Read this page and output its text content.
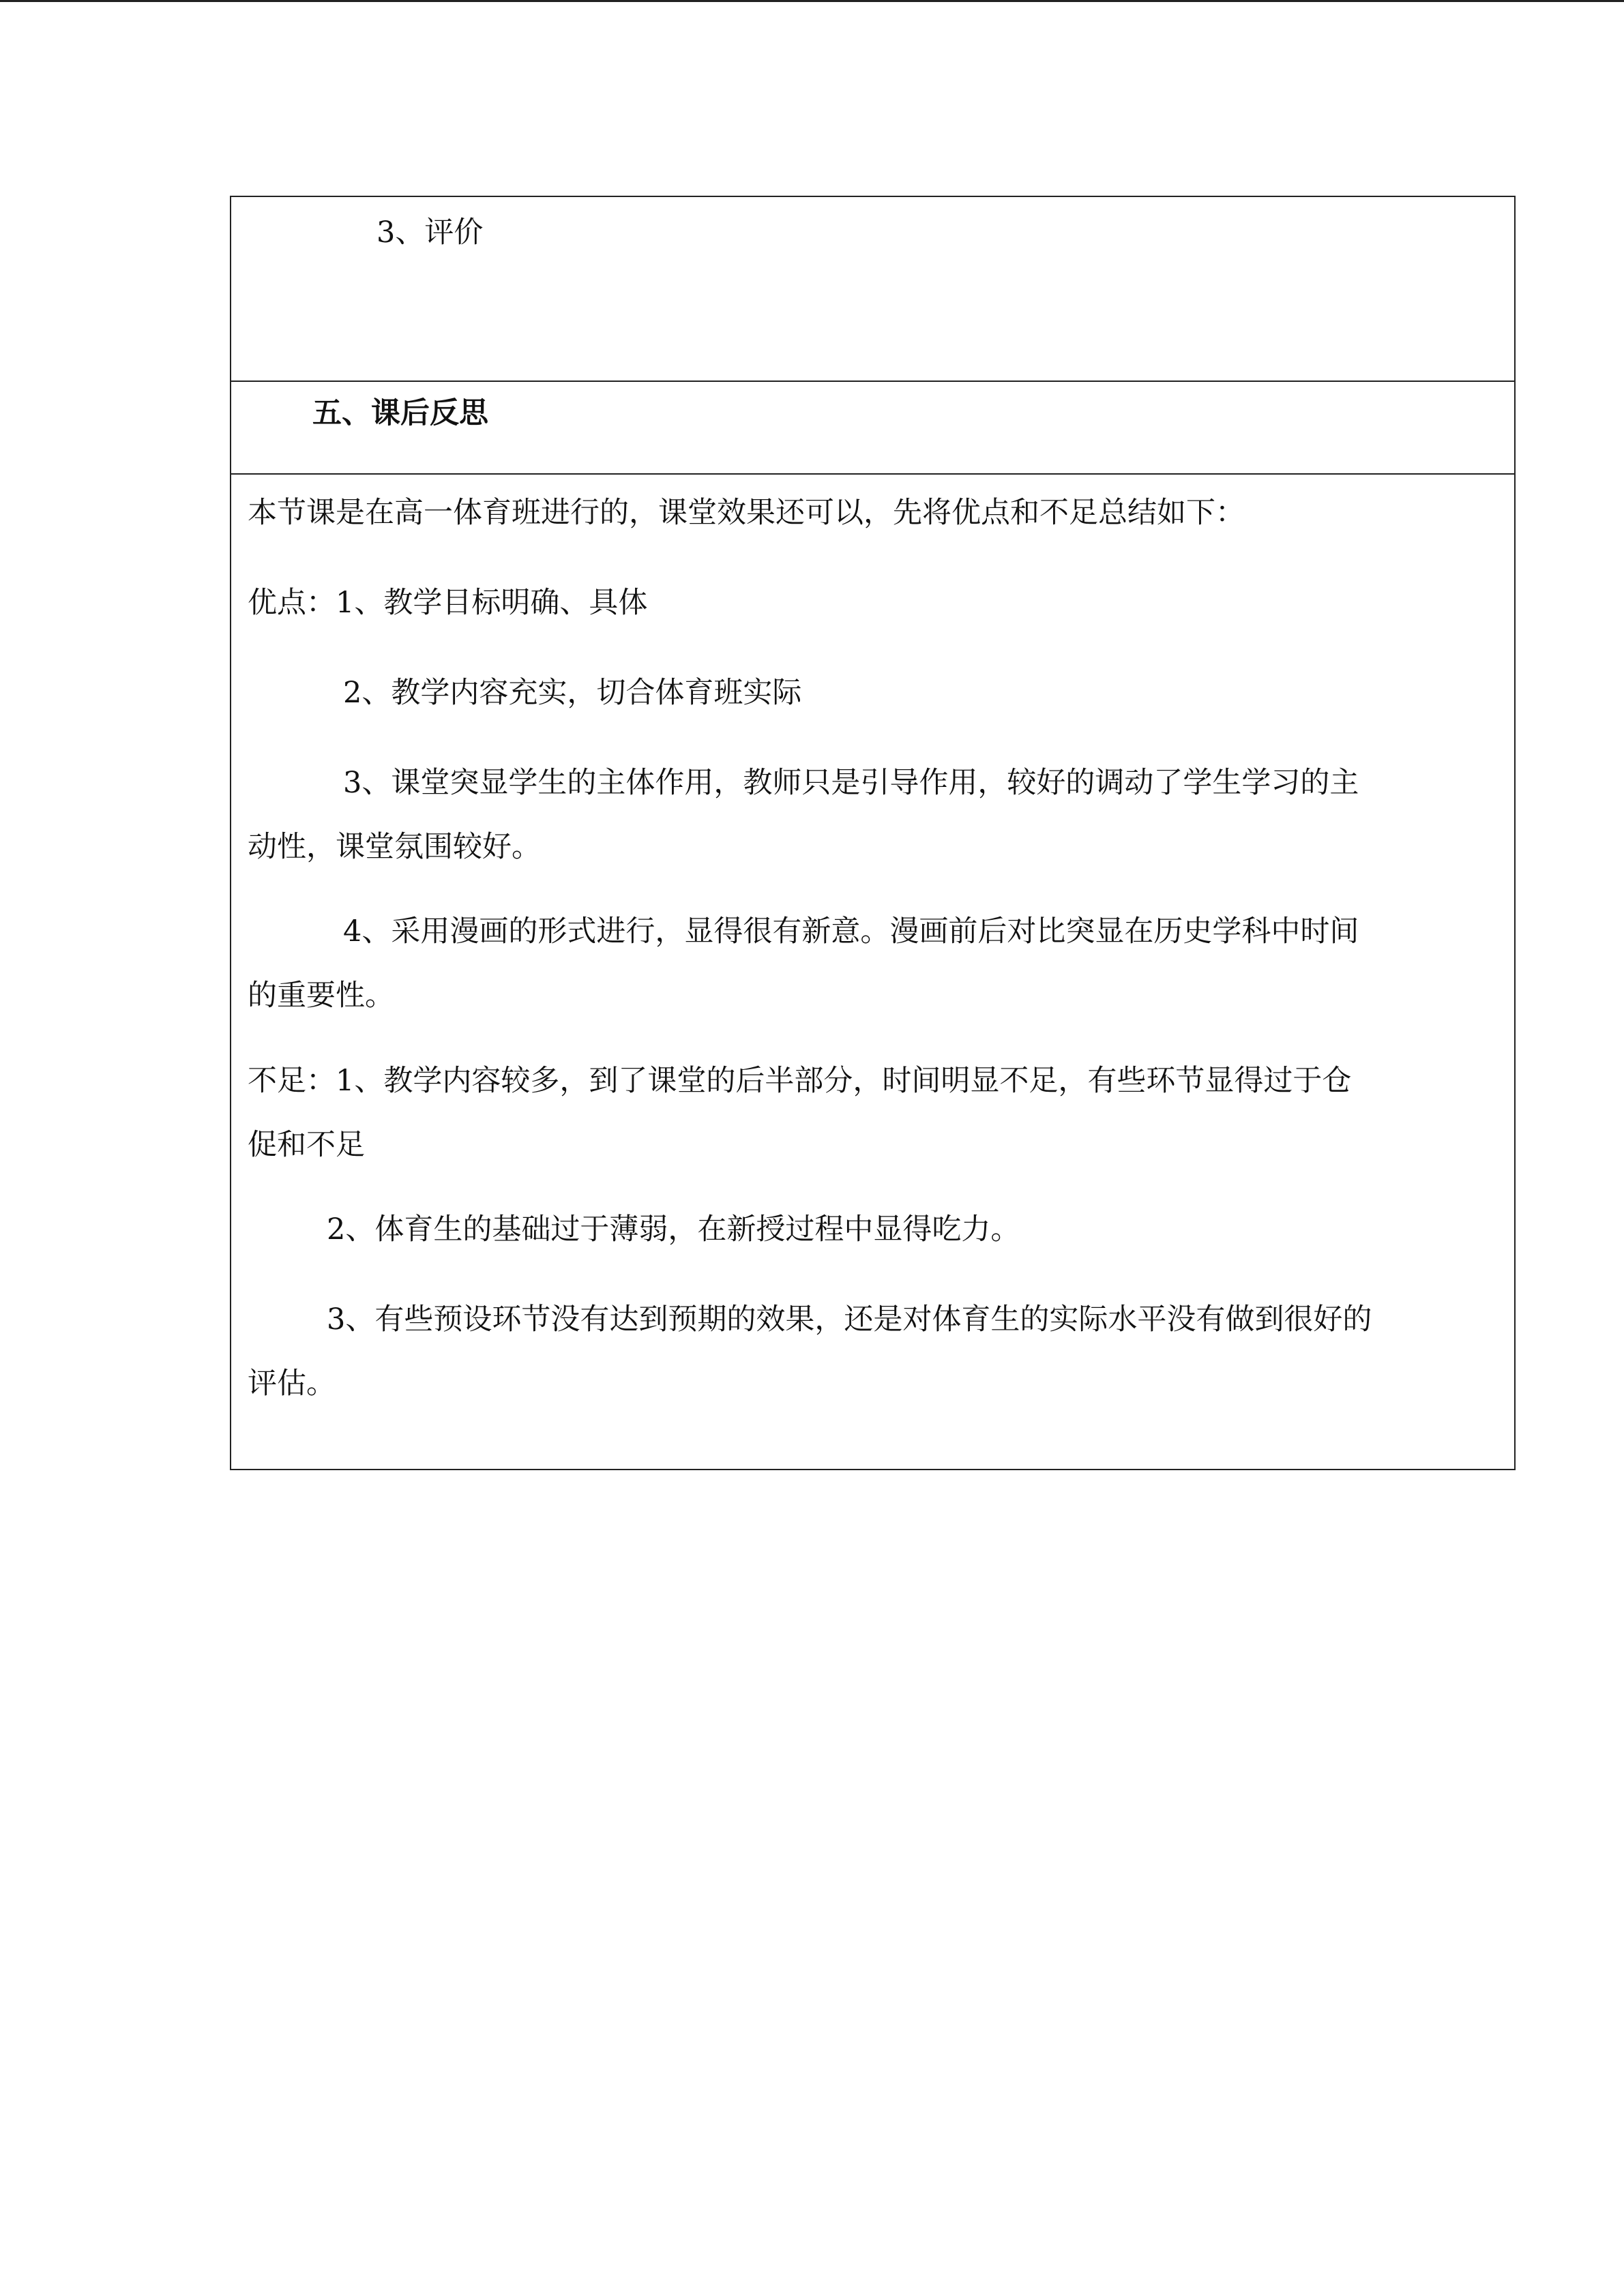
3、评价
五、课后反思
本节课是在高一体育班进行的，课堂效果还可以，先将优点和不足总结如下：
优点：1、教学目标明确、具体
2、教学内容充实，切合体育班实际
3、课堂突显学生的主体作用，教师只是引导作用，较好的调动了学生学习的主
动性，课堂氛围较好。
4、采用漫画的形式进行，显得很有新意。漫画前后对比突显在历史学科中时间
的重要性。
不足：1、教学内容较多，到了课堂的后半部分，时间明显不足，有些环节显得过于仓
促和不足
2、体育生的基础过于薄弱，在新授过程中显得吃力。
3、有些预设环节没有达到预期的效果，还是对体育生的实际水平没有做到很好的
评估。
